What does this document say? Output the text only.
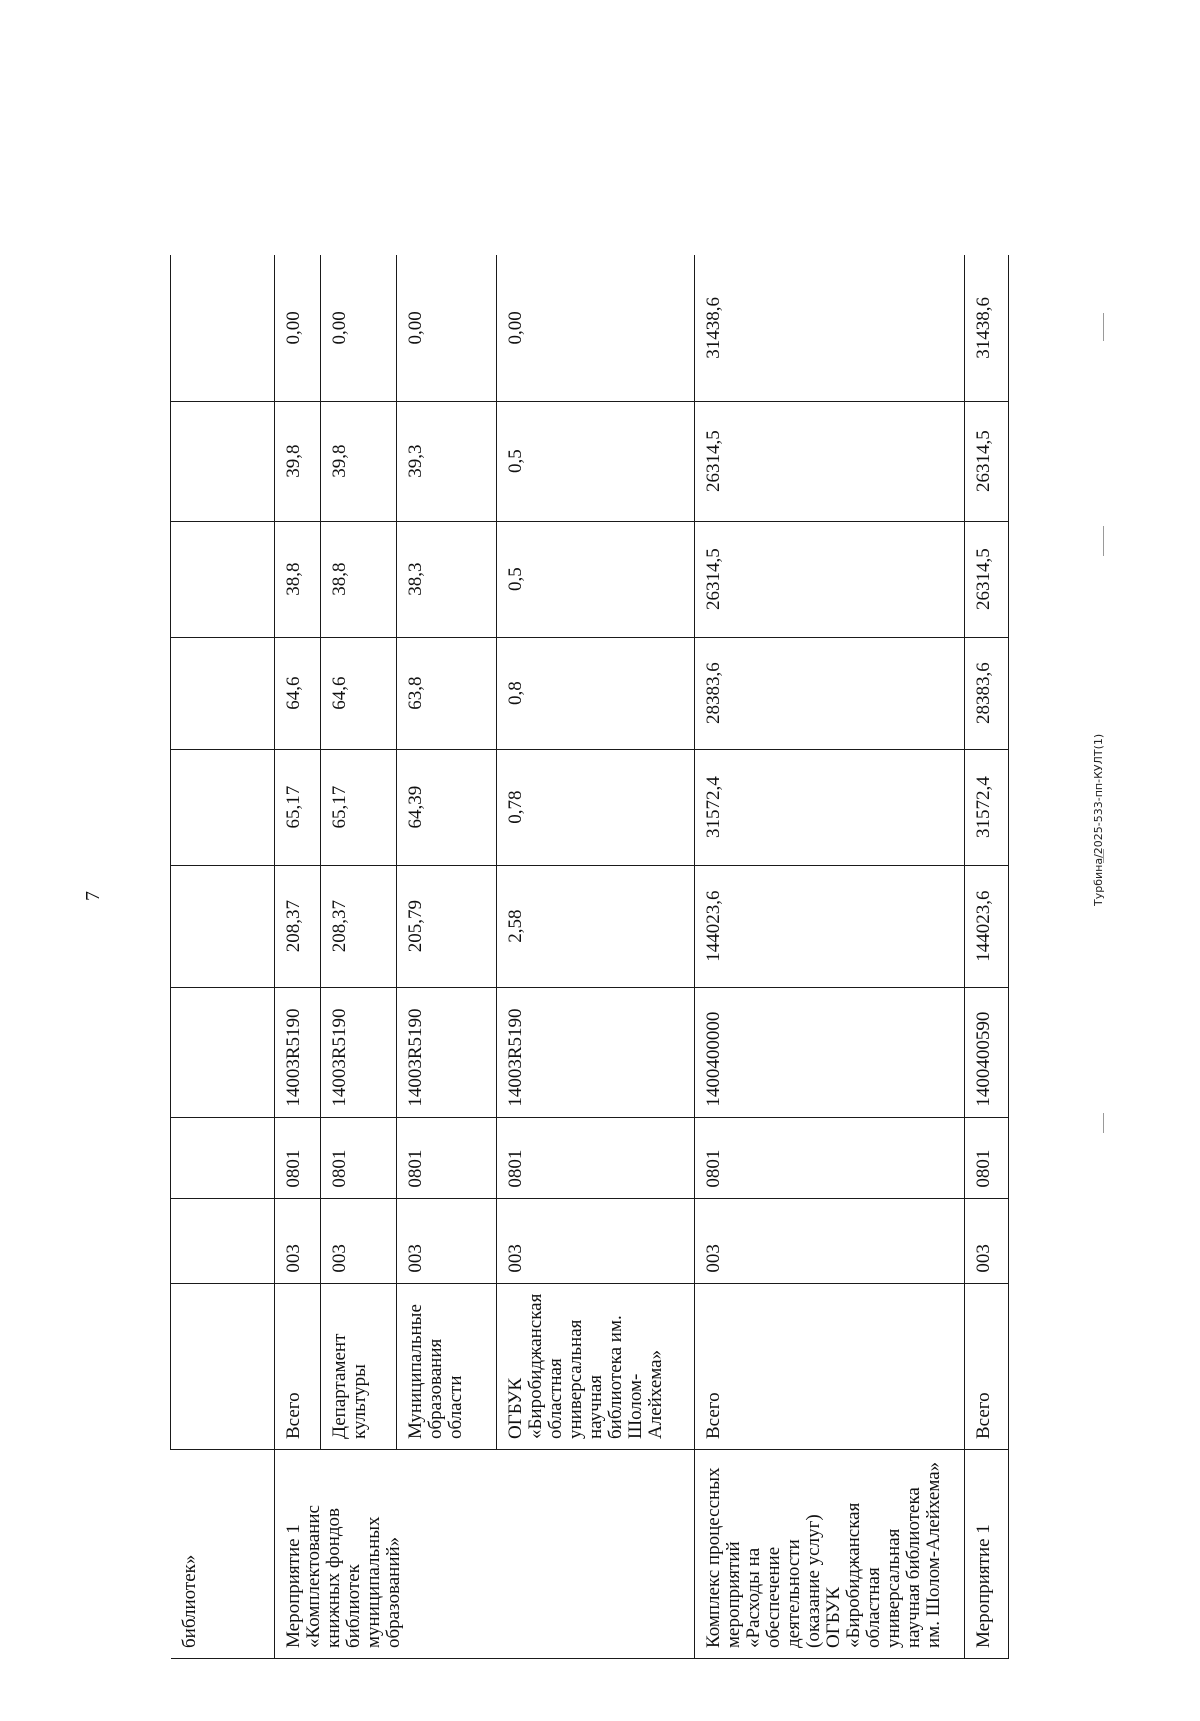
7
библиотек»										
Мероприятие 1 «Комплектованис книжных фондов библиотек муниципальных образований»	Всего	003	0801	14003R5190	208,37	65,17	64,6	38,8	39,8	0,00
	Департамент культуры	003	0801	14003R5190	208,37	65,17	64,6	38,8	39,8	0,00
	Муниципальные образования области	003	0801	14003R5190	205,79	64,39	63,8	38,3	39,3	0,00
	ОГБУК «Биробиджанская областная универсальная научная библиотека им. Шолом-Алейхема»	003	0801	14003R5190	2,58	0,78	0,8	0,5	0,5	0,00
Комплекс процессных мероприятий «Расходы на обеспечение деятельности (оказание услуг) ОГБУК «Биробиджанская областная универсальная научная библиотека им. Шолом-Алейхема»	Всего	003	0801	1400400000	144023,6	31572,4	28383,6	26314,5	26314,5	31438,6
Мероприятие 1	Всего	003	0801	1400400590	144023,6	31572,4	28383,6	26314,5	26314,5	31438,6
Турбина/2025-533-пп-КУЛТ(1)
